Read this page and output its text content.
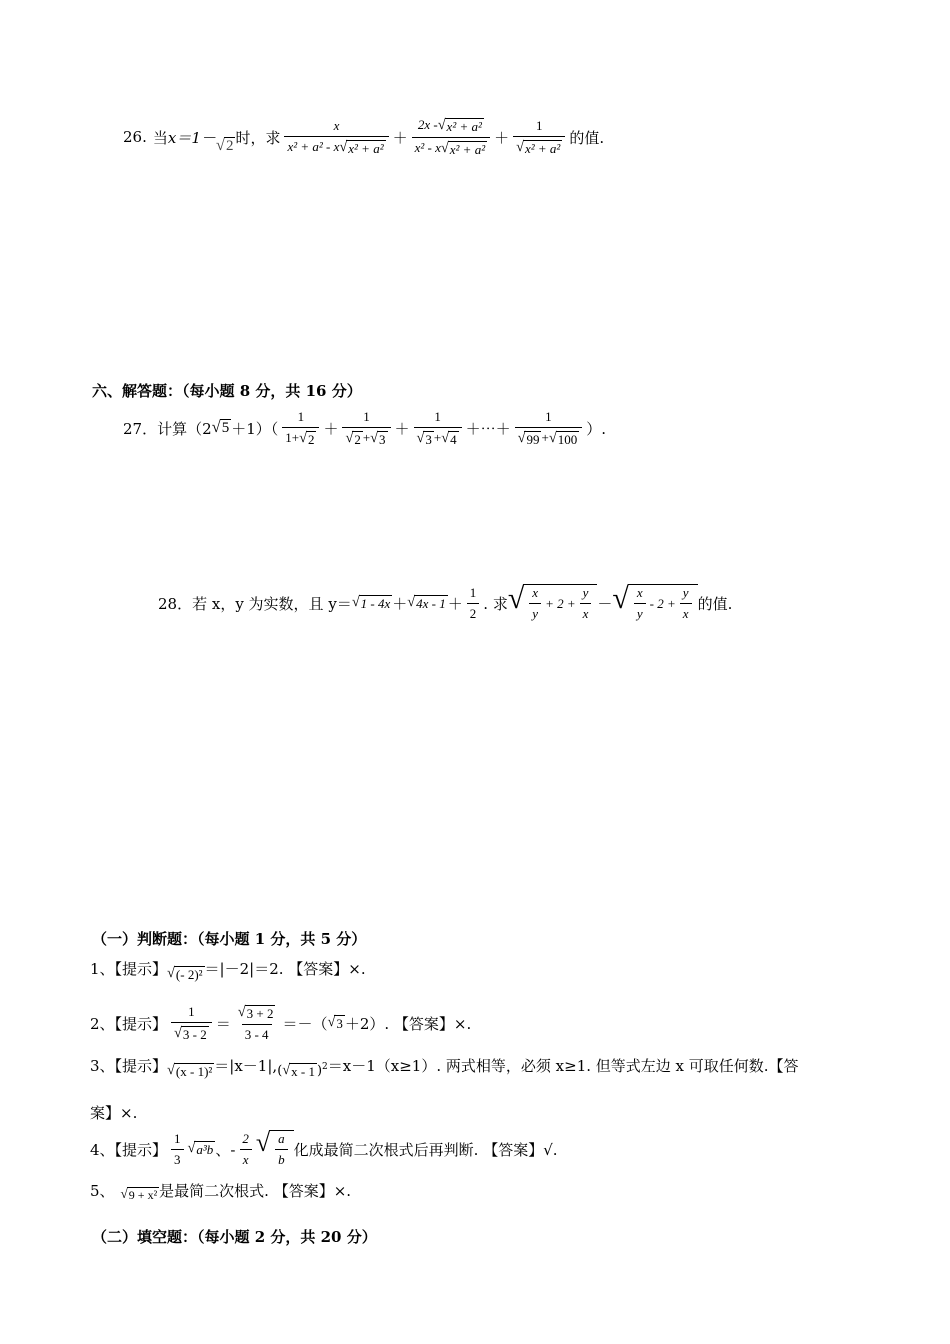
26. 当 x＝1－ √ 2 时，求 $\frac{x}{\text{x² + a² - x √ x² + a²}} + \frac{\text{2x - √ x² + a²}}{\text{x² - x √ x² + a²}} + \frac{1}{\text{√ x² + a²}}$ 的值.
六、解答题：（每小题 8 分，共 16 分）
27．计算（2 √ $5 +1)( \frac{1}{1+ √ 2} + \frac{1}{√ 2 + √ 3} + \frac{1}{√ 3 + √ 4}$ ＋⋯＋ $\frac{1}{√ 99 + √ 100}$ ）.
28．若 x，y 为实数，且 y＝ √ 1 - 4x ＋ √ $4x - 1 + \frac{1}{2}$ . 求 √ $\frac{x}{y} + 2 + \frac{y}{x}$ － √ $\frac{x}{y} - 2 + \frac{y}{x}$ 的值.
（一）判断题：（每小题 1 分，共 5 分）
1、【提示】 √ (- 2)² ＝|－2|＝2. 【答案】×.
2、【提示】 $\frac{1}{√ 3 - 2} = \frac{√ 3 + 2}{3 - 4}$ ＝－（ √ 3 ＋2）. 【答案】×.
3、【提示】 √ (x - 1)² ＝|x－1|, ( √ x - 1 )$^2$ ＝x－1（x≥1）. 两式相等，必须 x≥1. 但等式左边 x 可取任何数.【答
案】×.
4、【提示】 $\frac{1}{3}$ √ a³b 、- $\frac{2}{x}$ √ $\frac{a}{b}$ 化成最简二次根式后再判断. 【答案】√.
5、 √ 9 + x² 是最简二次根式. 【答案】×.
（二）填空题：（每小题 2 分，共 20 分）
